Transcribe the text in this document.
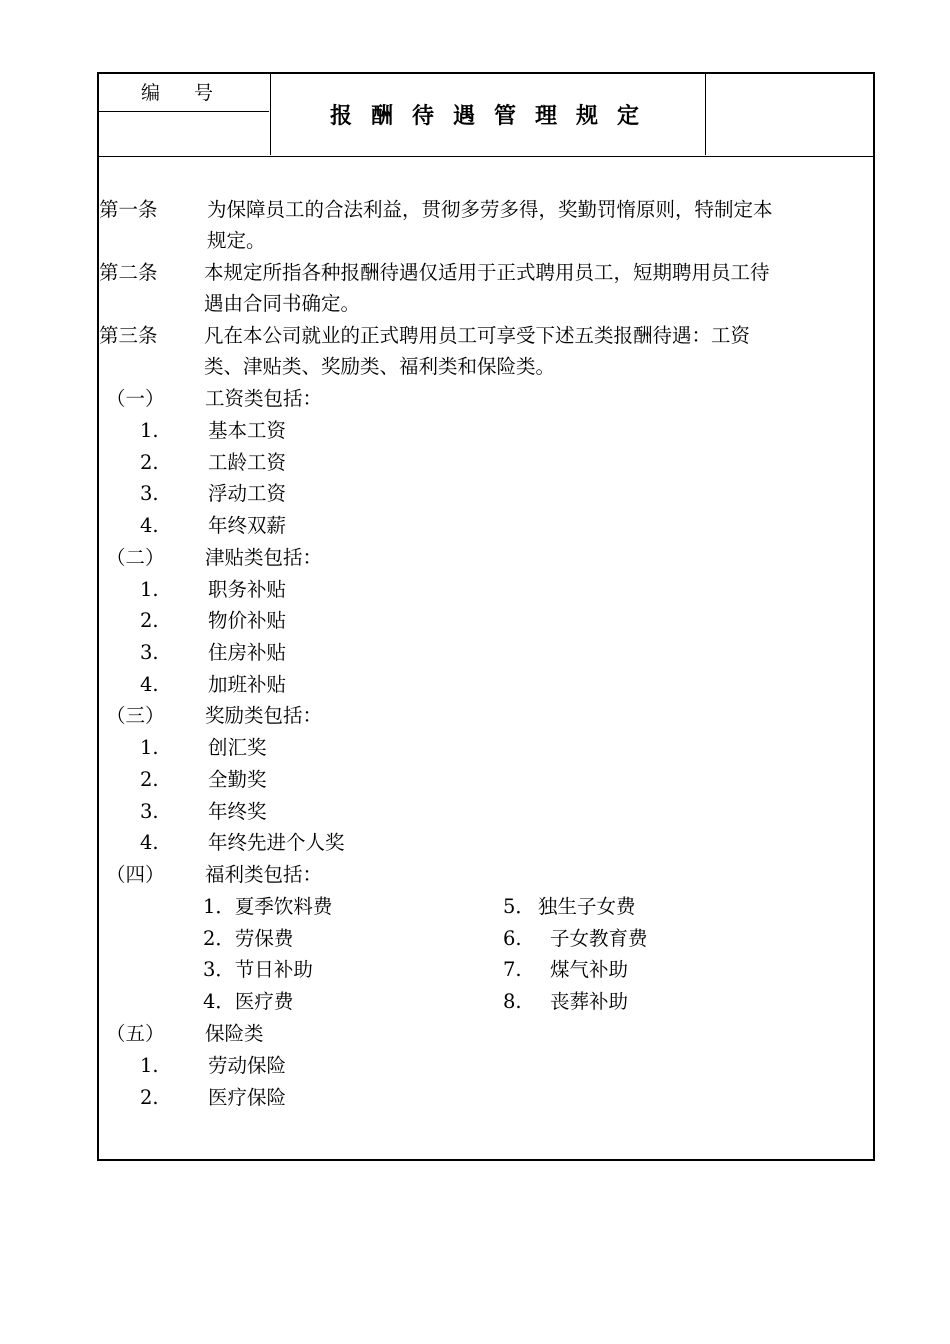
编号
报酬待遇管理规定
第一条	为保障员工的合法利益，贯彻多劳多得，奖勤罚惰原则，特制定本
规定。
第二条 本规定所指各种报酬待遇仅适用于正式聘用员工，短期聘用员工待
遇由合同书确定。
第三条 凡在本公司就业的正式聘用员工可享受下述五类报酬待遇：工资
类、津贴类、奖励类、福利类和保险类。
（一） 工资类包括：
1.	基本工资
2.	工龄工资
3.	浮动工资
4.	年终双薪
（二） 津贴类包括：
1.	职务补贴
2.	物价补贴
3.	住房补贴
4.	加班补贴
（三） 奖励类包括：
1.	创汇奖
2.	全勤奖
3.	年终奖
4.	年终先进个人奖
（四） 福利类包括：
1．夏季饮料费
2．劳保费
3．节日补助
4．医疗费
5． 独生子女费
6. 子女教育费
7. 煤气补助
8. 丧葬补助
（五） 保险类
1.	劳动保险
2.	医疗保险
